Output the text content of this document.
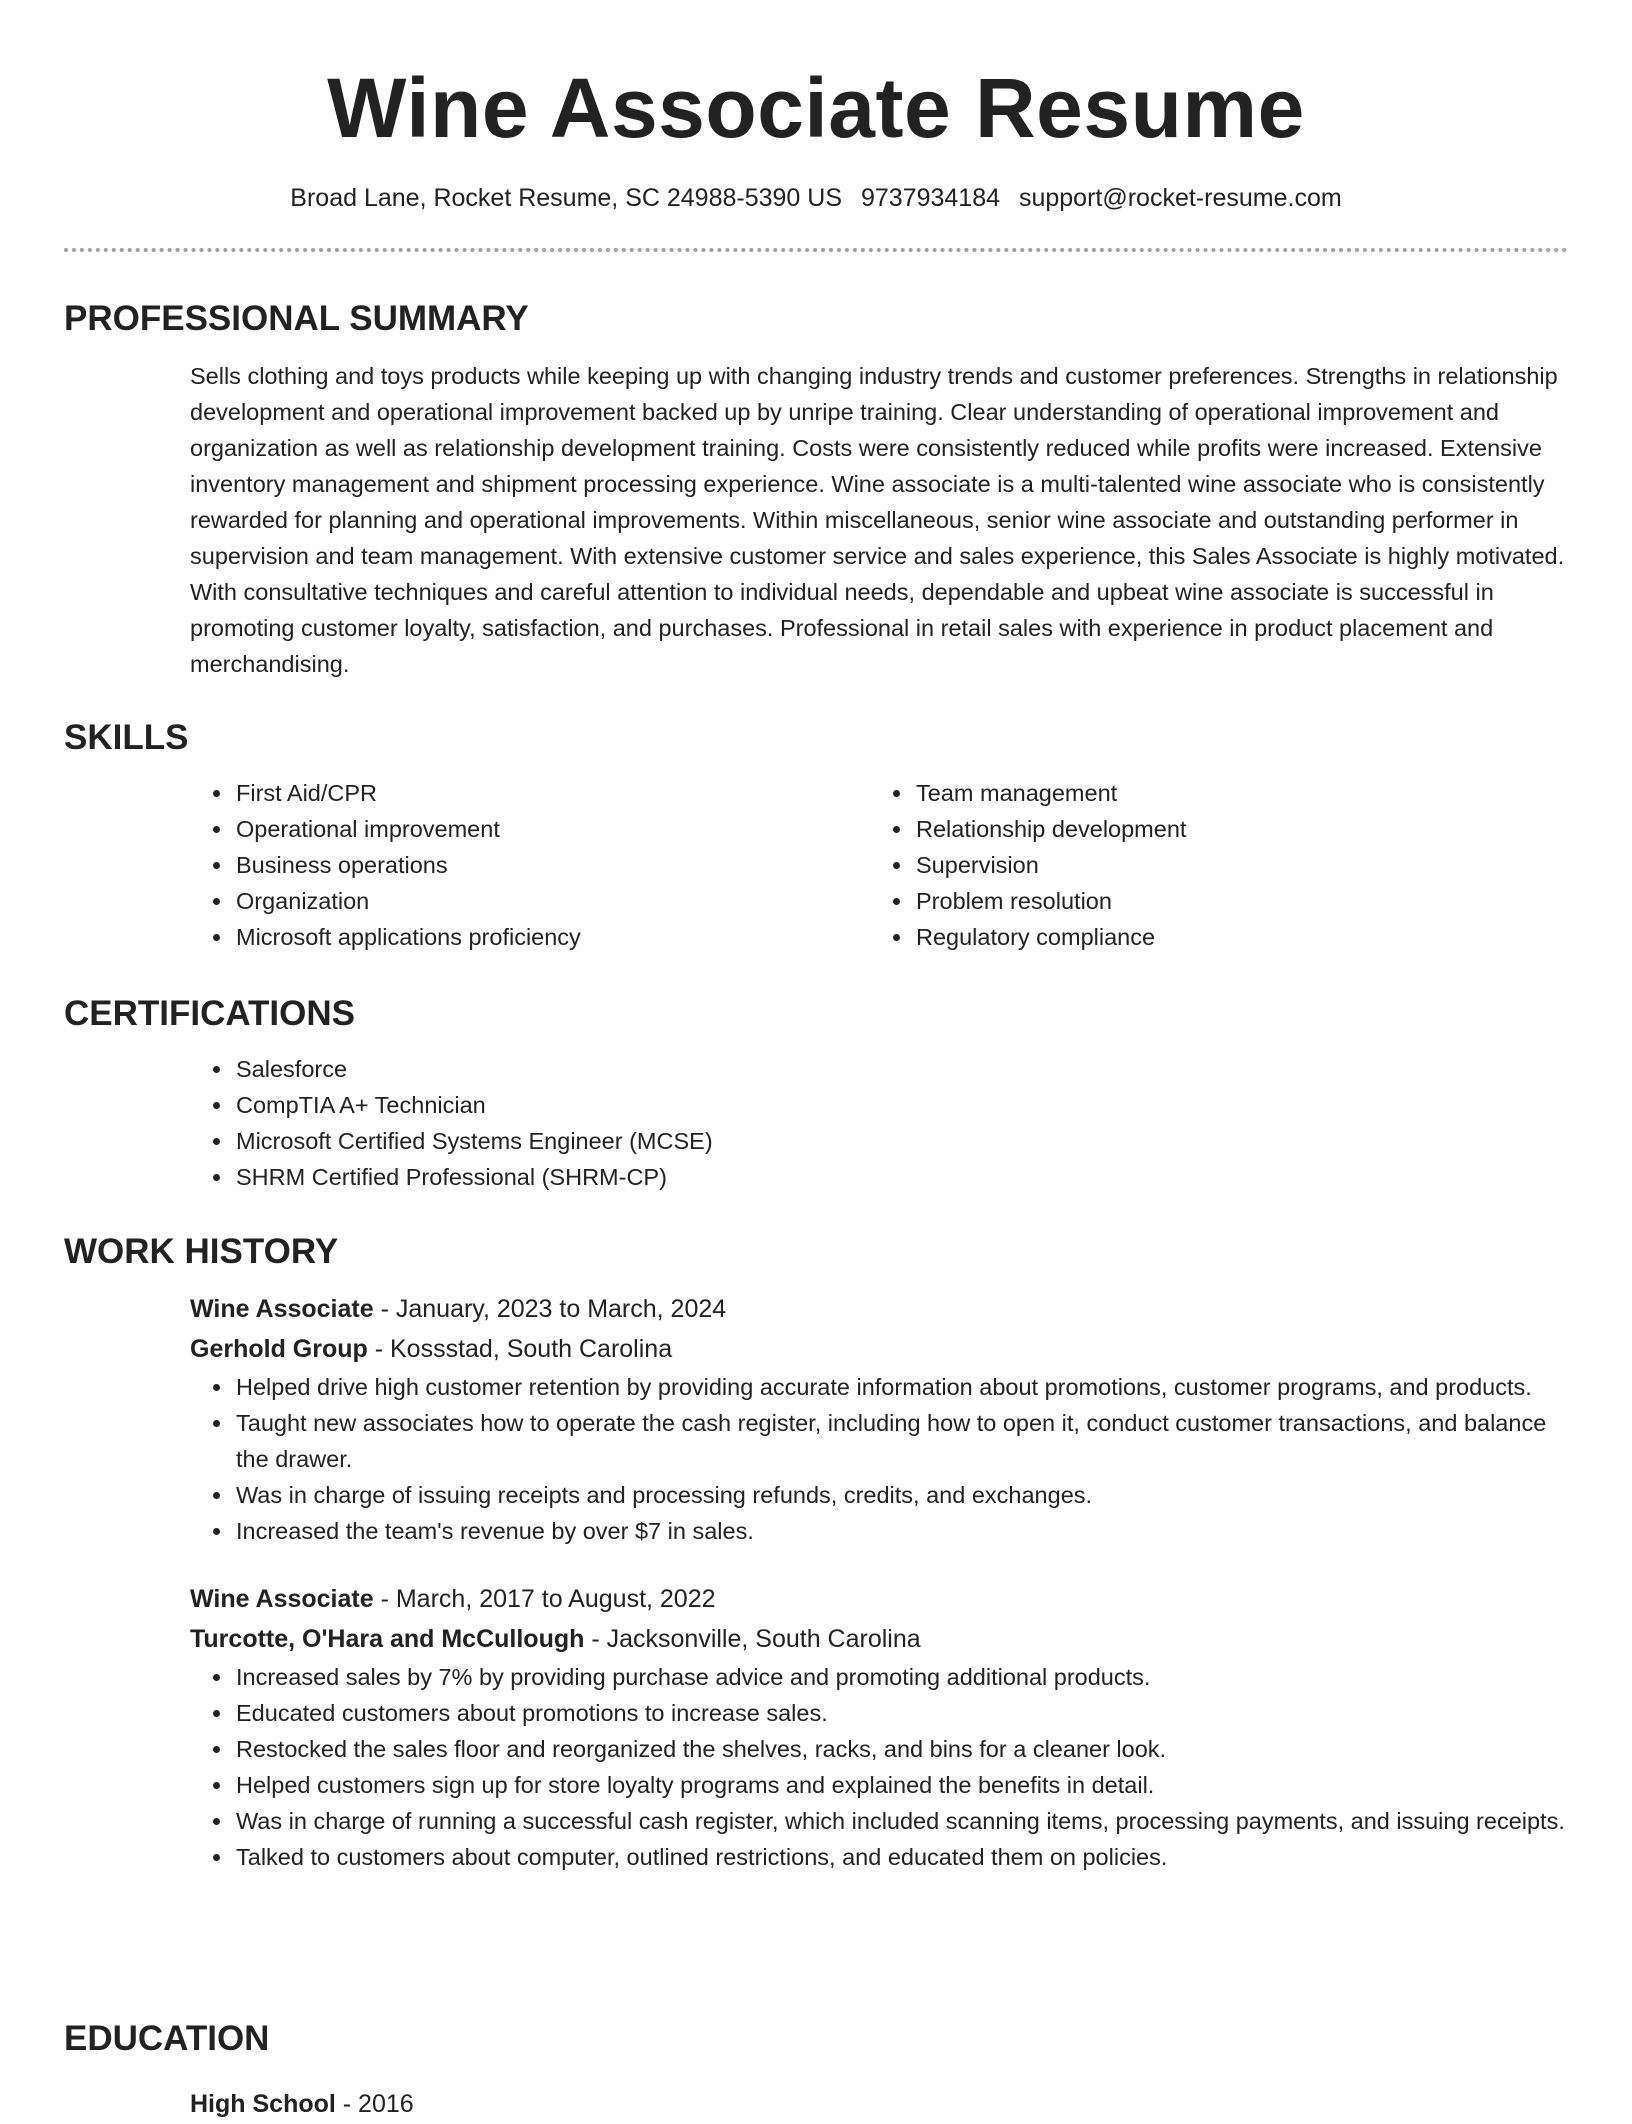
Wine Associate Resume
Broad Lane, Rocket Resume, SC 24988-5390 US 9737934184 support@rocket-resume.com
PROFESSIONAL SUMMARY

Sells clothing and toys products while keeping up with changing industry trends and customer preferences. Strengths in relationship development and operational improvement backed up by unripe training. Clear understanding of operational improvement and organization as well as relationship development training. Costs were consistently reduced while profits were increased. Extensive inventory management and shipment processing experience. Wine associate is a multi-talented wine associate who is consistently rewarded for planning and operational improvements. Within miscellaneous, senior wine associate and outstanding performer in supervision and team management. With extensive customer service and sales experience, this Sales Associate is highly motivated. With consultative techniques and careful attention to individual needs, dependable and upbeat wine associate is successful in promoting customer loyalty, satisfaction, and purchases. Professional in retail sales with experience in product placement and merchandising.

SKILLS
• First Aid/CPR
• Operational improvement
• Business operations
• Organization
• Microsoft applications proficiency
• Team management
• Relationship development
• Supervision
• Problem resolution
• Regulatory compliance
CERTIFICATIONS
• Salesforce
• CompTIA A+ Technician
• Microsoft Certified Systems Engineer (MCSE)
• SHRM Certified Professional (SHRM-CP)
WORK HISTORY
Wine Associate - January, 2023 to March, 2024
Gerhold Group - Kossstad, South Carolina
• Helped drive high customer retention by providing accurate information about promotions, customer programs, and products.
• Taught new associates how to operate the cash register, including how to open it, conduct customer transactions, and balance the drawer.
• Was in charge of issuing receipts and processing refunds, credits, and exchanges.
• Increased the team's revenue by over $7 in sales.
Wine Associate - March, 2017 to August, 2022
Turcotte, O'Hara and McCullough - Jacksonville, South Carolina
• Increased sales by 7% by providing purchase advice and promoting additional products.
• Educated customers about promotions to increase sales.
• Restocked the sales floor and reorganized the shelves, racks, and bins for a cleaner look.
• Helped customers sign up for store loyalty programs and explained the benefits in detail.
• Was in charge of running a successful cash register, which included scanning items, processing payments, and issuing receipts.
• Talked to customers about computer, outlined restrictions, and educated them on policies.
EDUCATION
High School - 2016
